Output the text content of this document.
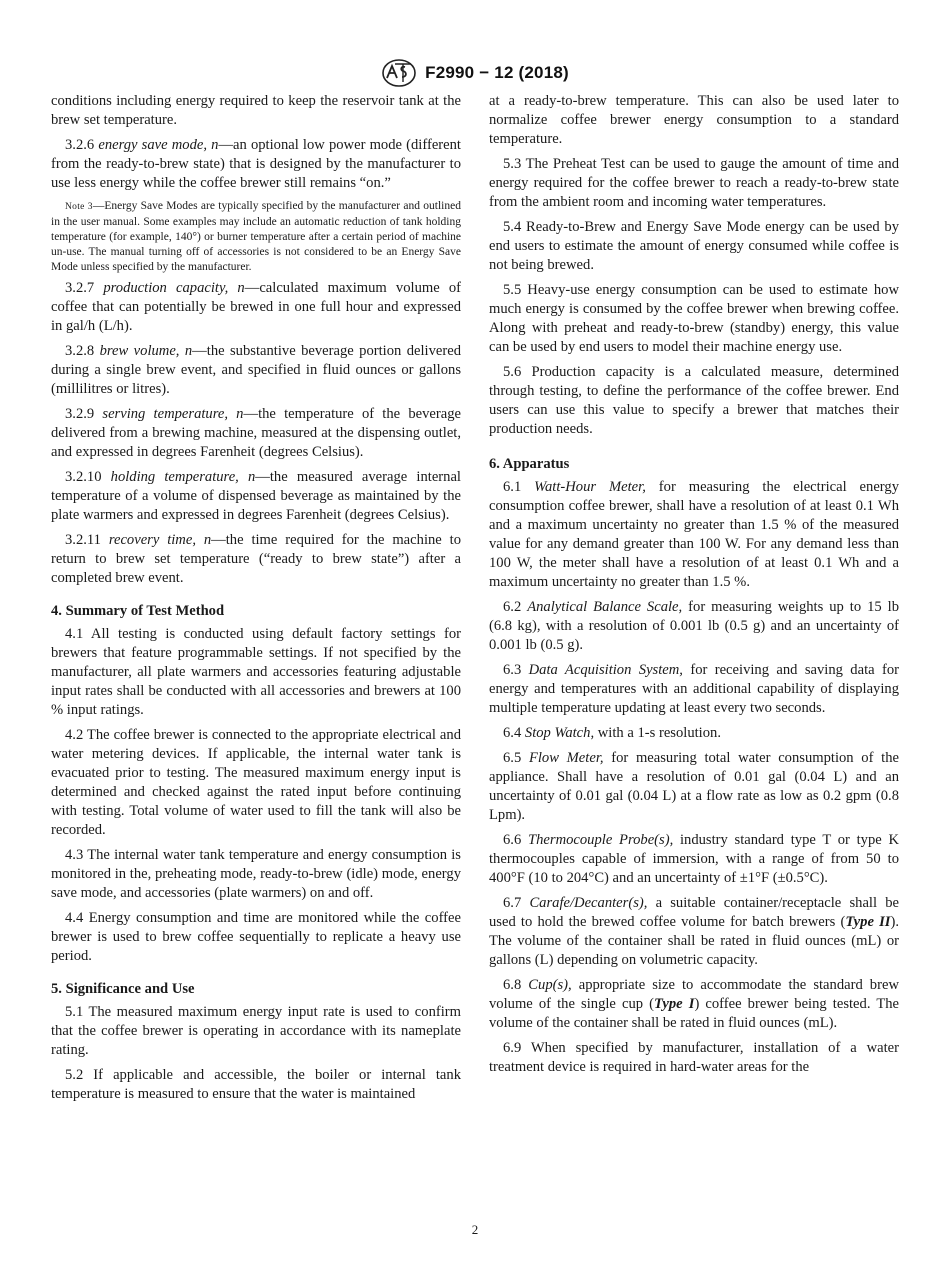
F2990 − 12 (2018)

conditions including energy required to keep the reservoir tank at the brew set temperature.

3.2.6 energy save mode, n—an optional low power mode (different from the ready-to-brew state) that is designed by the manufacturer to use less energy while the coffee brewer still remains “on.”

Note 3—Energy Save Modes are typically specified by the manufacturer and outlined in the user manual. Some examples may include an automatic reduction of tank holding temperature (for example, 140°) or burner temperature after a certain period of machine un-use. The manual turning off of accessories is not considered to be an Energy Save Mode unless specified by the manufacturer.

3.2.7 production capacity, n—calculated maximum volume of coffee that can potentially be brewed in one full hour and expressed in gal/h (L/h).

3.2.8 brew volume, n—the substantive beverage portion delivered during a single brew event, and specified in fluid ounces or gallons (millilitres or litres).

3.2.9 serving temperature, n—the temperature of the beverage delivered from a brewing machine, measured at the dispensing outlet, and expressed in degrees Farenheit (degrees Celsius).

3.2.10 holding temperature, n—the measured average internal temperature of a volume of dispensed beverage as maintained by the plate warmers and expressed in degrees Farenheit (degrees Celsius).

3.2.11 recovery time, n—the time required for the machine to return to brew set temperature (“ready to brew state”) after a completed brew event.

4. Summary of Test Method

4.1 All testing is conducted using default factory settings for brewers that feature programmable settings. If not specified by the manufacturer, all plate warmers and accessories featuring adjustable input rates shall be conducted with all accessories and brewers at 100 % input ratings.

4.2 The coffee brewer is connected to the appropriate electrical and water metering devices. If applicable, the internal water tank is evacuated prior to testing. The measured maximum energy input is determined and checked against the rated input before continuing with testing. Total volume of water used to fill the tank will also be recorded.

4.3 The internal water tank temperature and energy consumption is monitored in the, preheating mode, ready-to-brew (idle) mode, energy save mode, and accessories (plate warmers) on and off.

4.4 Energy consumption and time are monitored while the coffee brewer is used to brew coffee sequentially to replicate a heavy use period.

5. Significance and Use

5.1 The measured maximum energy input rate is used to confirm that the coffee brewer is operating in accordance with its nameplate rating.

5.2 If applicable and accessible, the boiler or internal tank temperature is measured to ensure that the water is maintained

at a ready-to-brew temperature. This can also be used later to normalize coffee brewer energy consumption to a standard temperature.

5.3 The Preheat Test can be used to gauge the amount of time and energy required for the coffee brewer to reach a ready-to-brew state from the ambient room and incoming water temperatures.

5.4 Ready-to-Brew and Energy Save Mode energy can be used by end users to estimate the amount of energy consumed while coffee is not being brewed.

5.5 Heavy-use energy consumption can be used to estimate how much energy is consumed by the coffee brewer when brewing coffee. Along with preheat and ready-to-brew (standby) energy, this value can be used by end users to model their machine energy use.

5.6 Production capacity is a calculated measure, determined through testing, to define the performance of the coffee brewer. End users can use this value to specify a brewer that matches their production needs.

6. Apparatus

6.1 Watt-Hour Meter, for measuring the electrical energy consumption coffee brewer, shall have a resolution of at least 0.1 Wh and a maximum uncertainty no greater than 1.5 % of the measured value for any demand greater than 100 W. For any demand less than 100 W, the meter shall have a resolution of at least 0.1 Wh and a maximum uncertainty no greater than 1.5 %.

6.2 Analytical Balance Scale, for measuring weights up to 15 lb (6.8 kg), with a resolution of 0.001 lb (0.5 g) and an uncertainty of 0.001 lb (0.5 g).

6.3 Data Acquisition System, for receiving and saving data for energy and temperatures with an additional capability of displaying multiple temperature updating at least every two seconds.

6.4 Stop Watch, with a 1-s resolution.

6.5 Flow Meter, for measuring total water consumption of the appliance. Shall have a resolution of 0.01 gal (0.04 L) and an uncertainty of 0.01 gal (0.04 L) at a flow rate as low as 0.2 gpm (0.8 Lpm).

6.6 Thermocouple Probe(s), industry standard type T or type K thermocouples capable of immersion, with a range of from 50 to 400°F (10 to 204°C) and an uncertainty of ±1°F (±0.5°C).

6.7 Carafe/Decanter(s), a suitable container/receptacle shall be used to hold the brewed coffee volume for batch brewers (Type II). The volume of the container shall be rated in fluid ounces (mL) or gallons (L) depending on volumetric capacity.

6.8 Cup(s), appropriate size to accommodate the standard brew volume of the single cup (Type I) coffee brewer being tested. The volume of the container shall be rated in fluid ounces (mL).

6.9 When specified by manufacturer, installation of a water treatment device is required in hard-water areas for the

2
